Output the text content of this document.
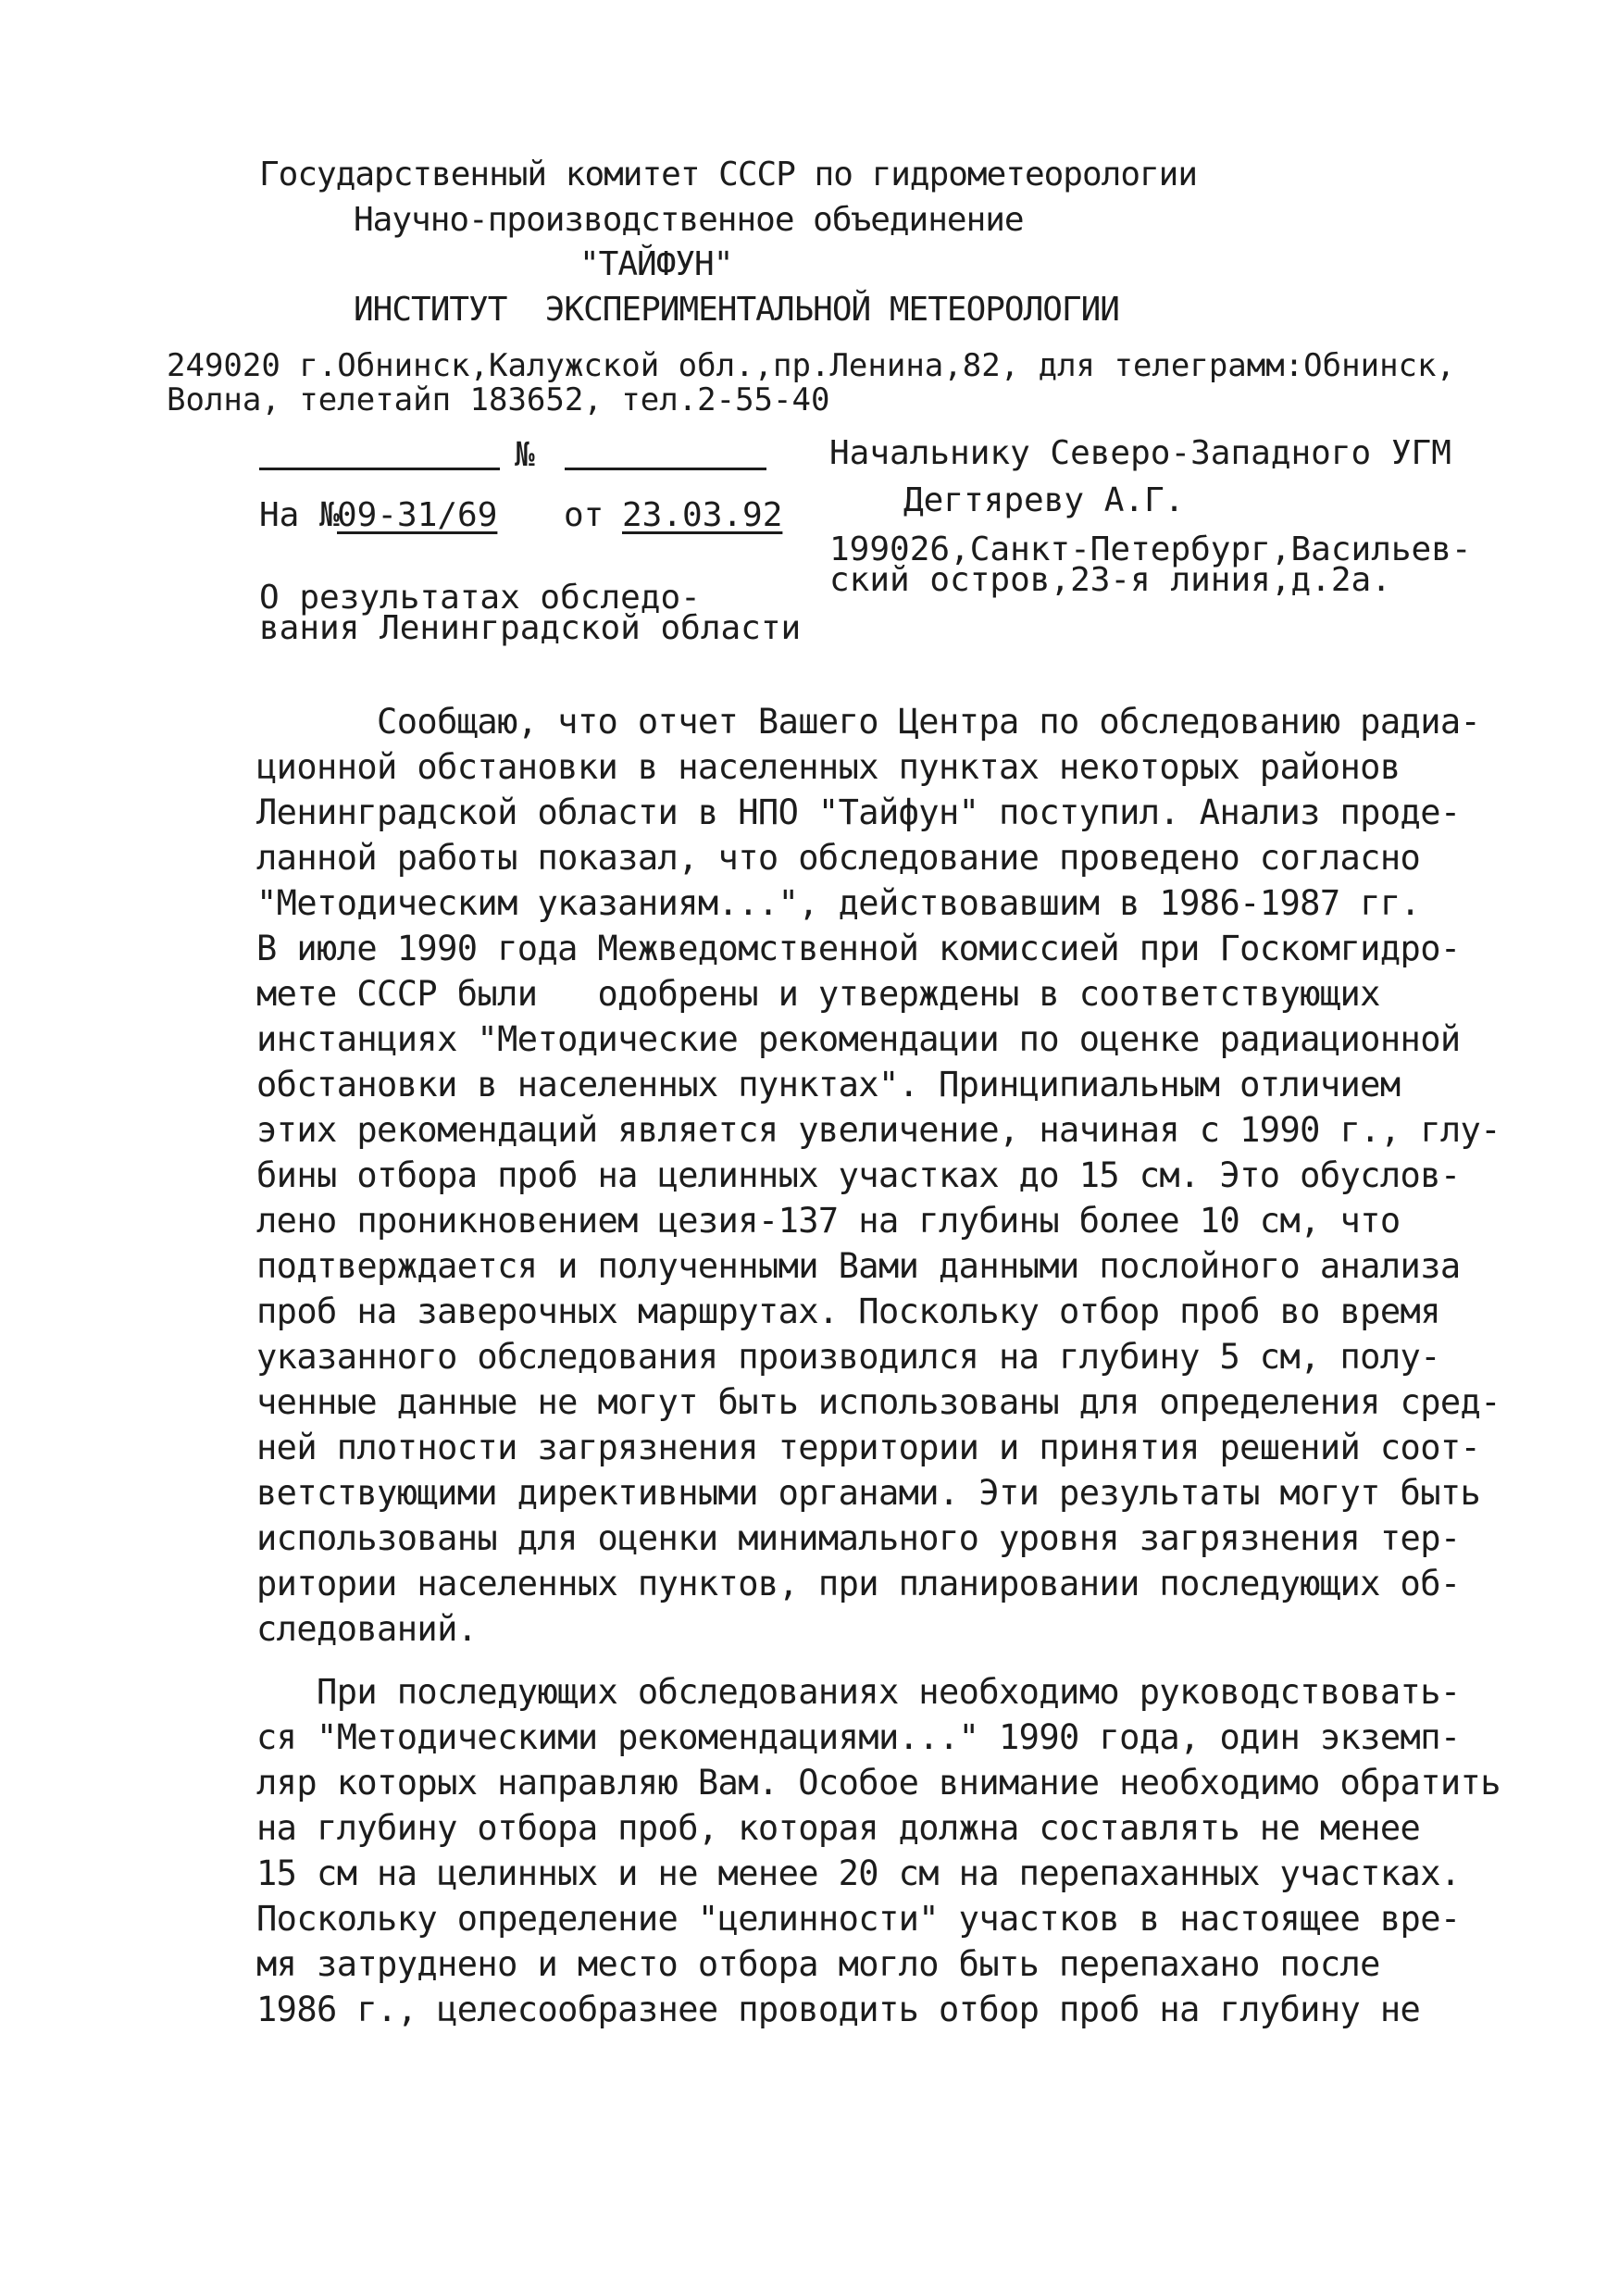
Государственный комитет СССР по гидрометеорологии
Научно-производственное объединение
"ТАЙФУН"
ИНСТИТУТ  ЭКСПЕРИМЕНТАЛЬНОЙ МЕТЕОРОЛОГИИ
249020 г.Обнинск,Калужской обл.,пр.Ленина,82, для телеграмм:Обнинск,
Волна, телетайп 183652, тел.2-55-40
№
На №
09-31/69 от 23.03.92
О результатах обследо-
вания Ленинградской области
Начальнику Северо-Западного УГМ
Дегтяреву А.Г.
199026,Санкт-Петербург,Васильев-
ский остров,23-я линия,д.2а.
Сообщаю, что отчет Вашего Центра по обследованию радиа-
ционной обстановки в населенных пунктах некоторых районов
Ленинградской области в НПО "Тайфун" поступил. Анализ проде-
ланной работы показал, что обследование проведено согласно
"Методическим указаниям...", действовавшим в 1986-1987 гг.
В июле 1990 года Межведомственной комиссией при Госкомгидро-
мете СССР были   одобрены и утверждены в соответствующих
инстанциях "Методические рекомендации по оценке радиационной
обстановки в населенных пунктах". Принципиальным отличием
этих рекомендаций является увеличение, начиная с 1990 г., глу-
бины отбора проб на целинных участках до 15 см. Это обуслов-
лено проникновением цезия-137 на глубины более 10 см, что
подтверждается и полученными Вами данными послойного анализа
проб на заверочных маршрутах. Поскольку отбор проб во время
указанного обследования производился на глубину 5 см, полу-
ченные данные не могут быть использованы для определения сред-
ней плотности загрязнения территории и принятия решений соот-
ветствующими директивными органами. Эти результаты могут быть
использованы для оценки минимального уровня загрязнения тер-
ритории населенных пунктов, при планировании последующих об-
следований.
При последующих обследованиях необходимо руководствовать-
ся "Методическими рекомендациями..." 1990 года, один экземп-
ляр которых направляю Вам. Особое внимание необходимо обратить
на глубину отбора проб, которая должна составлять не менее
15 см на целинных и не менее 20 см на перепаханных участках.
Поскольку определение "целинности" участков в настоящее вре-
мя затруднено и место отбора могло быть перепахано после
1986 г., целесообразнее проводить отбор проб на глубину не
